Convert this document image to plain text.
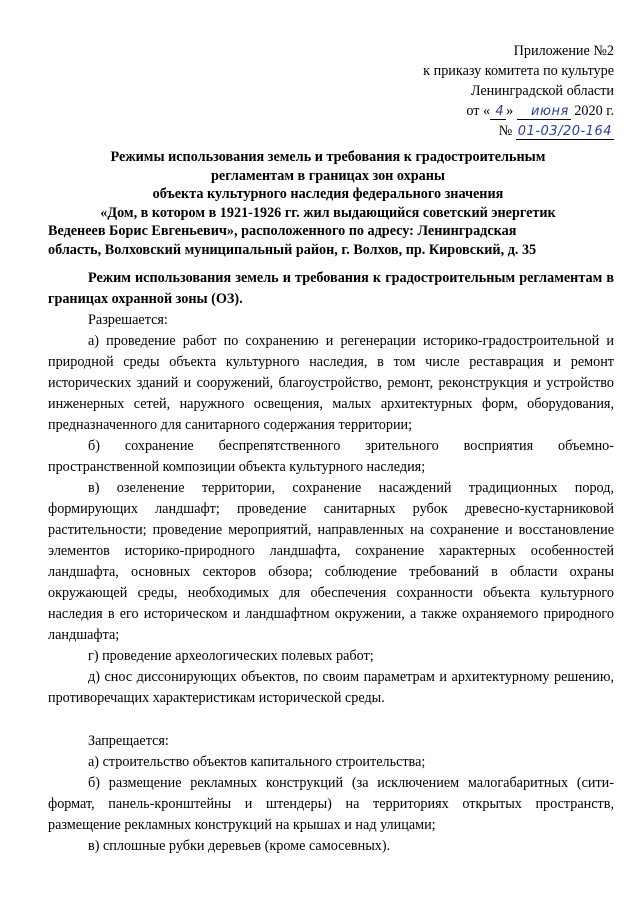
Приложение №2
к приказу комитета по культуре
Ленинградской области
от « 4 » июня 2020 г.
№ 01-03/20-164
Режимы использования земель и требования к градостроительным
регламентам в границах зон охраны
объекта культурного наследия федерального значения
«Дом, в котором в 1921-1926 гг. жил выдающийся советский энергетик
Веденеев Борис Евгеньевич», расположенного по адресу: Ленинградская
область, Волховский муниципальный район, г. Волхов, пр. Кировский, д. 35

Режим использования земель и требования к градостроительным регламентам в границах охранной зоны (ОЗ).

Разрешается:

а) проведение работ по сохранению и регенерации историко-градостроительной и природной среды объекта культурного наследия, в том числе реставрация и ремонт исторических зданий и сооружений, благоустройство, ремонт, реконструкция и устройство инженерных сетей, наружного освещения, малых архитектурных форм, оборудования, предназначенного для санитарного содержания территории;

б) сохранение беспрепятственного зрительного восприятия объемно-пространственной композиции объекта культурного наследия;

в) озеленение территории, сохранение насаждений традиционных пород, формирующих ландшафт; проведение санитарных рубок древесно-кустарниковой растительности; проведение мероприятий, направленных на сохранение и восстановление элементов историко-природного ландшафта, сохранение характерных особенностей ландшафта, основных секторов обзора; соблюдение требований в области охраны окружающей среды, необходимых для обеспечения сохранности объекта культурного наследия в его историческом и ландшафтном окружении, а также охраняемого природного ландшафта;

г) проведение археологических полевых работ;

д) снос диссонирующих объектов, по своим параметрам и архитектурному решению, противоречащих характеристикам исторической среды.

Запрещается:

а) строительство объектов капитального строительства;

б) размещение рекламных конструкций (за исключением малогабаритных (сити-формат, панель-кронштейны и штендеры) на территориях открытых пространств, размещение рекламных конструкций на крышах и над улицами;

в) сплошные рубки деревьев (кроме самосевных).
